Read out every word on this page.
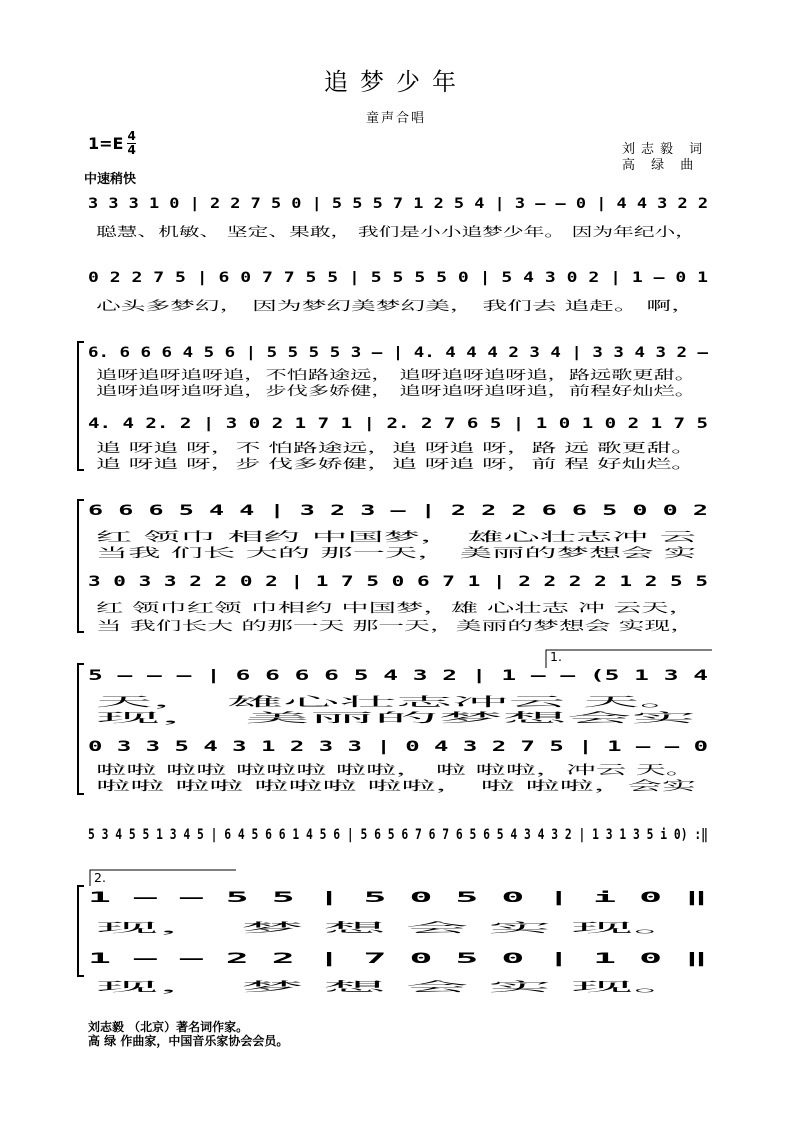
追梦少年
童声合唱
$1=E \frac{4}{4}$	刘志毅 词
高 绿 曲
中速稍快
3 3 3 1 0 | 2 2 7 5 0 | 5 5 5 7 1 2 5 4 | 3 – – 0 | 4 4 3 2 2
聪慧、机敏、 坚定、果敢， 我们是小小追梦少年。 因为年纪小，
0 2 2 7 5 | 6 0 7 7 5 5 | 5 5 5 5 0 | 5 4 3 0 2 | 1 – 0 1
心头多梦幻， 因为梦幻美梦幻美， 我们去 追赶。 啊，
6. 6 6 6 4 5 6 | 5 5 5 5 3 – | 4. 4 4 4 2 3 4 | 3 3 4 3 2 –
追呀追呀追呀追，不怕路途远， 追呀追呀追呀追，路远歌更甜。
追呀追呀追呀追，步伐多娇健， 追呀追呀追呀追，前程好灿烂。
4. 4 2. 2 | 3 0 2 1 7 1 | 2. 2 7 6 5 | 1 0 1 0 2 1 7 5
追 呀追 呀，不 怕路途远，追 呀追 呀，路 远 歌更甜。
追 呀追 呀，步 伐多娇健，追 呀追 呀，前 程 好灿烂。
6 6 6 5 4 4 | 3 2 3 – | 2 2 2 6 6 5 0 0 2
红 领巾 相约 中国梦， 雄心壮志冲 云
当我 们长 大的 那一天， 美丽的梦想会 实
3 0 3 3 2 2 0 2 | 1 7 5 0 6 7 1 | 2 2 2 2 1 2 5 5
红 领巾红领 巾相约 中国梦，雄 心壮志 冲 云天，
当 我们长大 的那一天 那一天，美丽的梦想会 实现，
5 – – – | 6 6 6 6 5 4 3 2 | 1 – – (5 1 3 4
天， 雄心壮志冲云 天。
现， 美丽的梦想会实
0 3 3 5 4 3 1 2 3 3 | 0 4 3 2 7 5 | 1 – – 0
啦啦 啦啦 啦啦啦 啦啦， 啦 啦啦，冲云 天。
啦啦 啦啦 啦啦啦 啦啦， 啦 啦啦，会实
5 3 4 5 5 1 3 4 5 | 6 4 5 6 6 1 4 5 6 | 5 6 5 6 7 6 7 6 5 6 5 4 3 4 3 2 | 1 3 1 3 5 i 0) :‖
1 – – 5 5 | 5 0 5 0 | i 0 ‖
现， 梦 想 会 实 现。
1 – – 2 2 | 7 0 5 0 | 1 0 ‖
现， 梦 想 会 实 现。
1.
2.
刘志毅 （北京）著名词作家。
高 绿 作曲家，中国音乐家协会会员。
